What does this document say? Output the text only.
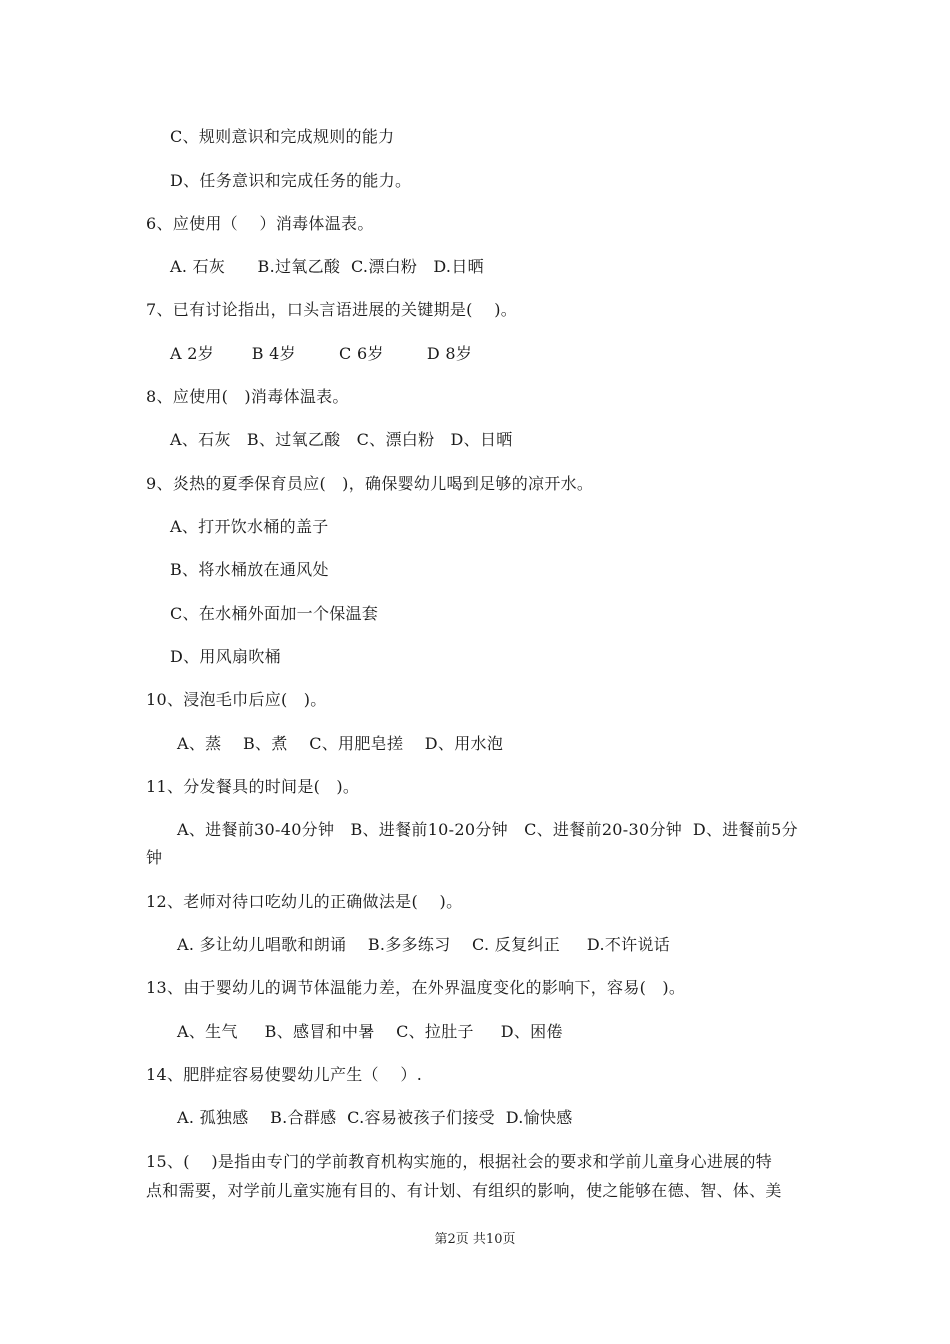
C、规则意识和完成规则的能力
D、任务意识和完成任务的能力。
6、应使用（    ）消毒体温表。
A. 石灰      B.过氧乙酸  C.漂白粉   D.日晒
7、已有讨论指出，口头言语进展的关键期是(    )。
A 2岁       B 4岁        C 6岁        D 8岁
8、应使用(   )消毒体温表。
A、石灰   B、过氧乙酸   C、漂白粉   D、日晒
9、炎热的夏季保育员应(   )，确保婴幼儿喝到足够的凉开水。
A、打开饮水桶的盖子
B、将水桶放在通风处
C、在水桶外面加一个保温套
D、用风扇吹桶
10、浸泡毛巾后应(   )。
A、蒸    B、煮    C、用肥皂搓    D、用水泡
11、分发餐具的时间是(   )。
A、进餐前30-40分钟   B、进餐前10-20分钟   C、进餐前20-30分钟  D、进餐前5分
钟
12、老师对待口吃幼儿的正确做法是(    )。
A. 多让幼儿唱歌和朗诵    B.多多练习    C. 反复纠正     D.不许说话
13、由于婴幼儿的调节体温能力差，在外界温度变化的影响下，容易(   )。
A、生气     B、感冒和中暑    C、拉肚子     D、困倦
14、肥胖症容易使婴幼儿产生（    ）.
A. 孤独感    B.合群感  C.容易被孩子们接受  D.愉快感
15、(    )是指由专门的学前教育机构实施的，根据社会的要求和学前儿童身心进展的特
点和需要，对学前儿童实施有目的、有计划、有组织的影响，使之能够在德、智、体、美
第2页 共10页
